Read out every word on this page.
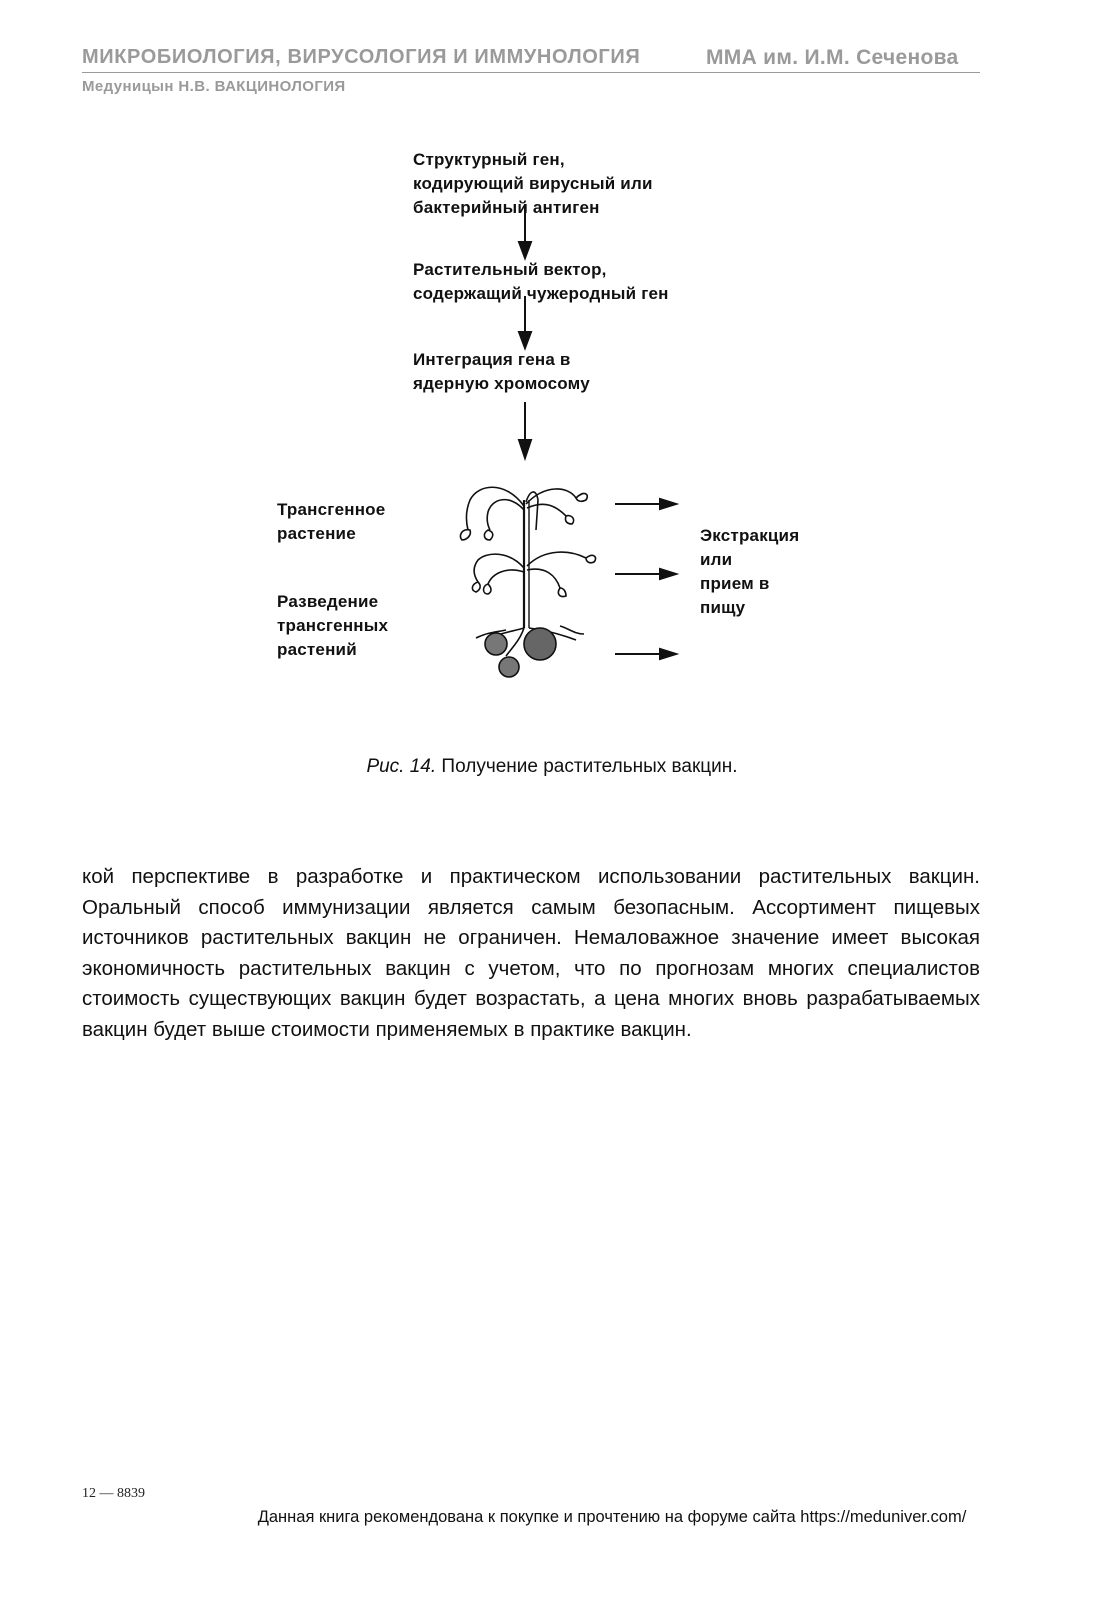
МИКРОБИОЛОГИЯ, ВИРУСОЛОГИЯ И ИММУНОЛОГИЯ	ММА им. И.М. Сеченова
Медуницын Н.В. ВАКЦИНОЛОГИЯ
Структурный ген,
кодирующий вирусный или
бактерийный антиген
Растительный вектор,
содержащий чужеродный ген
Интеграция гена в
ядерную хромосому
Трансгенное
растение
Разведение
трансгенных
растений
Экстракция
или
прием в
пищу
Рис. 14. Получение растительных вакцин.

кой перспективе в разработке и практическом использовании растительных вакцин. Оральный способ иммунизации является самым безопасным. Ассортимент пищевых источников растительных вакцин не ограничен. Немаловажное значение имеет высокая экономичность растительных вакцин с учетом, что по прогнозам многих специалистов стоимость существующих вакцин будет возрастать, а цена многих вновь разрабатываемых вакцин будет выше стоимости применяемых в практике вакцин.

12 — 8839
Данная книга рекомендована к покупке и прочтению на форуме сайта https://meduniver.com/
